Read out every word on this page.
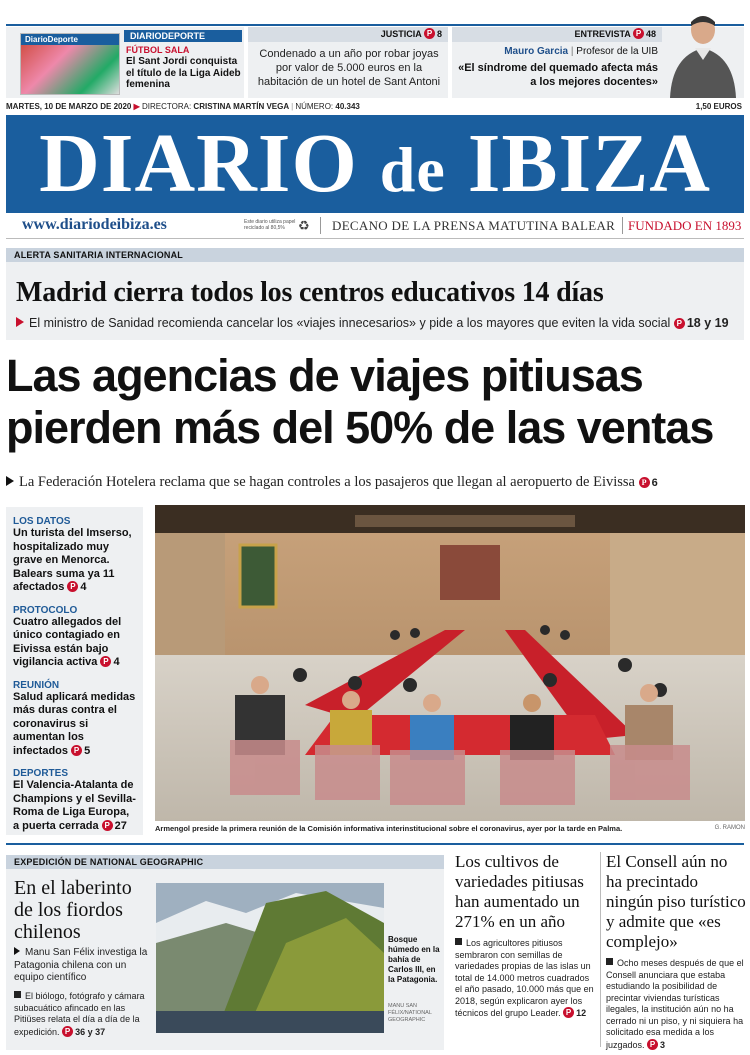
DiarioDeporte	DIARIODEPORTE
FÚTBOL SALA
El Sant Jordi conquista el título de la Liga Aideb femenina
JUSTICIA P 8
Condenado a un año por robar joyas por valor de 5.000 euros en la habitación de un hotel de Sant Antoni
ENTREVISTA P 48
Mauro Garcia | Profesor de la UIB
«El síndrome del quemado afecta más a los mejores docentes»
MARTES, 10 DE MARZO DE 2020 ▶ DIRECTORA: CRISTINA MARTÍN VEGA | NÚMERO: 40.343	1,50 EUROS
DIARIO de IBIZA
www.diariodeibiza.es	Este diario utiliza papel reciclado al 80,5%	♻ DECANO DE LA PRENSA MATUTINA BALEAR FUNDADO EN 1893
ALERTA SANITARIA INTERNACIONAL
Madrid cierra todos los centros educativos 14 días
El ministro de Sanidad recomienda cancelar los «viajes innecesarios» y pide a los mayores que eviten la vida social P 18 y 19
Las agencias de viajes pitiusas
pierden más del 50% de las ventas
La Federación Hotelera reclama que se hagan controles a los pasajeros que llegan al aeropuerto de Eivissa P 6
LOS DATOS
Un turista del Imserso, hospitalizado muy grave en Menorca. Balears suma ya 11 afectados P 4
PROTOCOLO
Cuatro allegados del único contagiado en Eivissa están bajo vigilancia activa P 4
REUNIÓN
Salud aplicará medidas más duras contra el coronavirus si aumentan los infectados P 5
DEPORTES
El Valencia-Atalanta de Champions y el Sevilla-Roma de Liga Europa, a puerta cerrada P 27	Armengol preside la primera reunión de la Comisión informativa interinstitucional sobre el coronavirus, ayer por la tarde en Palma.	G. RAMON
EXPEDICIÓN DE NATIONAL GEOGRAPHIC
En el laberinto de los fiordos chilenos
Manu San Félix investiga la Patagonia chilena con un equipo científico
El biólogo, fotógrafo y cámara subacuático afincado en las Pitiüses relata el día a día de la expedición. P 36 y 37
Bosque húmedo en la bahía de Carlos III, en la Patagonia.
MANU SAN FÉLIX/NATIONAL GEOGRAPHIC
Los cultivos de variedades pitiusas han aumentado un 271% en un año
Los agricultores pitiusos sembraron con semillas de variedades propias de las islas un total de 14.000 metros cuadrados el año pasado, 10.000 más que en 2018, según explicaron ayer los técnicos del grupo Leader. P 12
El Consell aún no ha precintado ningún piso turístico y admite que «es complejo»
Ocho meses después de que el Consell anunciara que estaba estudiando la posibilidad de precintar viviendas turísticas ilegales, la institución aún no ha cerrado ni un piso, y ni siquiera ha solicitado esa medida a los juzgados. P 3
